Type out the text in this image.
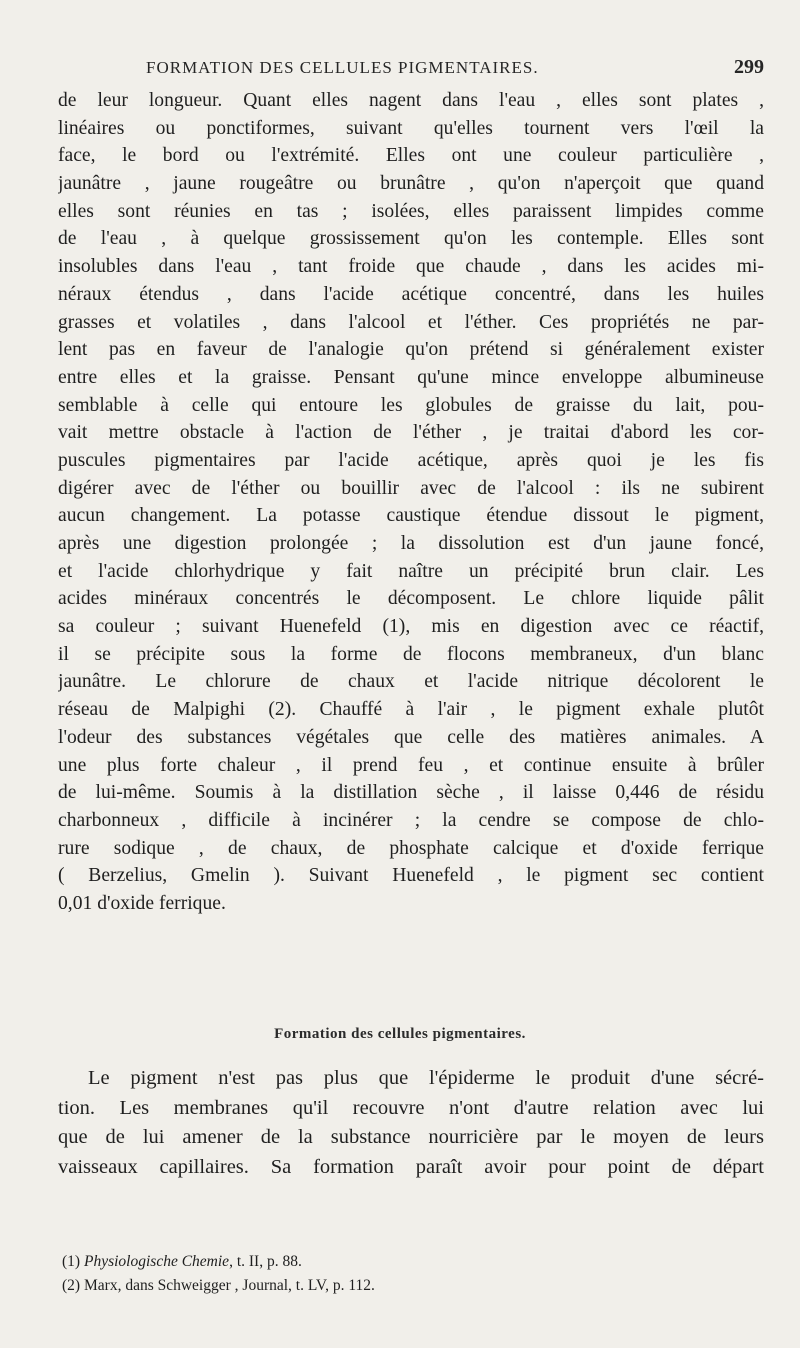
FORMATION DES CELLULES PIGMENTAIRES.	299
de leur longueur. Quant elles nagent dans l'eau , elles sont plates ,
linéaires ou ponctiformes, suivant qu'elles tournent vers l'œil la
face, le bord ou l'extrémité. Elles ont une couleur particulière ,
jaunâtre , jaune rougeâtre ou brunâtre , qu'on n'aperçoit que quand
elles sont réunies en tas ; isolées, elles paraissent limpides comme
de l'eau , à quelque grossissement qu'on les contemple. Elles sont
insolubles dans l'eau , tant froide que chaude , dans les acides mi-
néraux étendus , dans l'acide acétique concentré, dans les huiles
grasses et volatiles , dans l'alcool et l'éther. Ces propriétés ne par-
lent pas en faveur de l'analogie qu'on prétend si généralement exister
entre elles et la graisse. Pensant qu'une mince enveloppe albumineuse
semblable à celle qui entoure les globules de graisse du lait, pou-
vait mettre obstacle à l'action de l'éther , je traitai d'abord les cor-
puscules pigmentaires par l'acide acétique, après quoi je les fis
digérer avec de l'éther ou bouillir avec de l'alcool : ils ne subirent
aucun changement. La potasse caustique étendue dissout le pigment,
après une digestion prolongée ; la dissolution est d'un jaune foncé,
et l'acide chlorhydrique y fait naître un précipité brun clair. Les
acides minéraux concentrés le décomposent. Le chlore liquide pâlit
sa couleur ; suivant Huenefeld (1), mis en digestion avec ce réactif,
il se précipite sous la forme de flocons membraneux, d'un blanc
jaunâtre. Le chlorure de chaux et l'acide nitrique décolorent le
réseau de Malpighi (2). Chauffé à l'air , le pigment exhale plutôt
l'odeur des substances végétales que celle des matières animales. A
une plus forte chaleur , il prend feu , et continue ensuite à brûler
de lui-même. Soumis à la distillation sèche , il laisse 0,446 de résidu
charbonneux , difficile à incinérer ; la cendre se compose de chlo-
rure sodique , de chaux, de phosphate calcique et d'oxide ferrique
( Berzelius, Gmelin ). Suivant Huenefeld , le pigment sec contient
0,01 d'oxide ferrique.
Formation des cellules pigmentaires.
Le pigment n'est pas plus que l'épiderme le produit d'une sécré-
tion. Les membranes qu'il recouvre n'ont d'autre relation avec lui
que de lui amener de la substance nourricière par le moyen de leurs
vaisseaux capillaires. Sa formation paraît avoir pour point de départ
(1) Physiologische Chemie, t. II, p. 88.
(2) Marx, dans Schweigger , Journal, t. LV, p. 112.
